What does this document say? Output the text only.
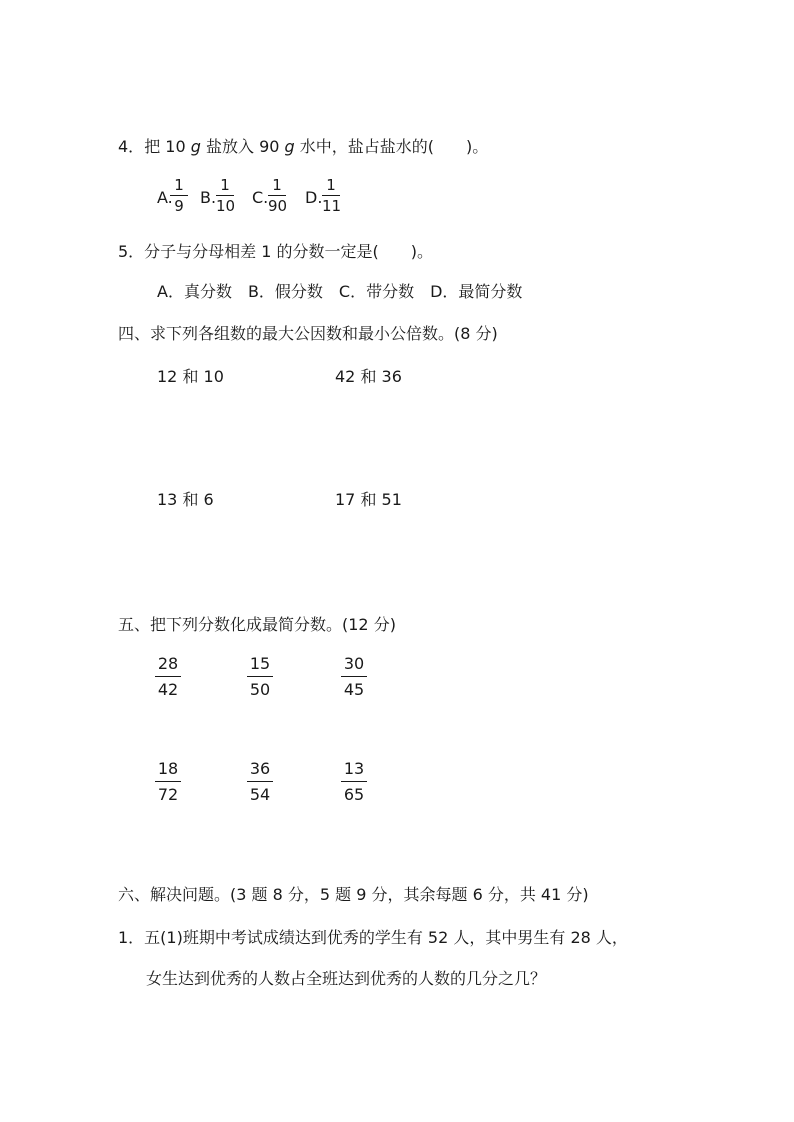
4．把 10 g 盐放入 90 g 水中，盐占盐水的(　　)。
A.
1
9 B.
1
10 C.
1
90 D.
1
11
5．分子与分母相差 1 的分数一定是(　　)。
A．真分数　B．假分数　C．带分数　D．最简分数
四、求下列各组数的最大公因数和最小公倍数。(8 分)
12 和 10	42 和 36
13 和 6	17 和 51
五、把下列分数化成最简分数。(12 分)
28
42
15
50
30
45
18
72
36
54
13
65
六、解决问题。(3 题 8 分，5 题 9 分，其余每题 6 分，共 41 分)
1．五(1)班期中考试成绩达到优秀的学生有 52 人，其中男生有 28 人，
女生达到优秀的人数占全班达到优秀的人数的几分之几？
